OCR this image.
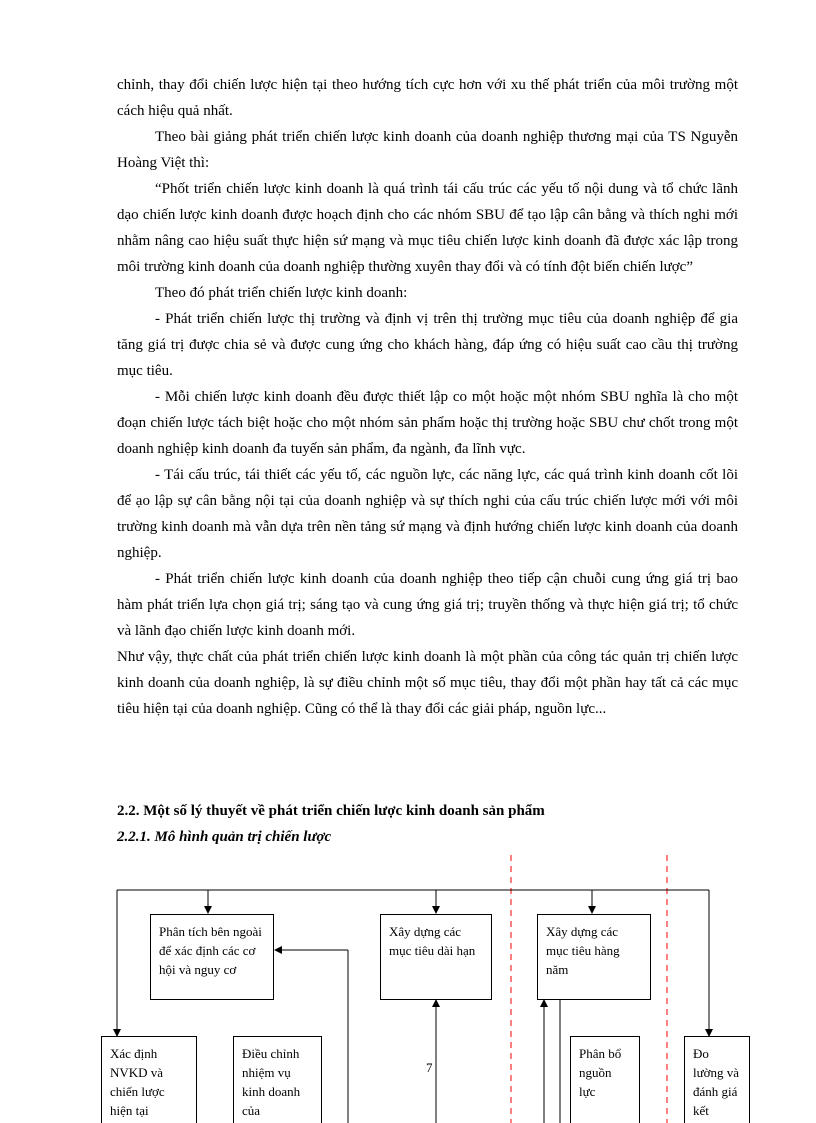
chỉnh, thay đổi chiến lược hiện tại theo hướng tích cực hơn với xu thế phát triển của môi trường một cách hiệu quả nhất.

Theo bài giảng phát triển chiến lược kinh doanh của doanh nghiệp thương mại của TS Nguyễn Hoàng Việt thì:

“Phốt triển chiến lược kinh doanh là quá trình tái cấu trúc các yếu tố nội dung và tổ chức lãnh dạo chiến lược kinh doanh được hoạch định cho các nhóm SBU để tạo lập cân bằng và thích nghi mới nhằm nâng cao hiệu suất thực hiện sứ mạng và mục tiêu chiến lược kinh doanh đã được xác lập trong môi trường kinh doanh của doanh nghiệp thường xuyên thay đổi và có tính đột biến chiến lược”

Theo đó phát triển chiến lược kinh doanh:

- Phát triển chiến lược thị trường và định vị trên thị trường mục tiêu của doanh nghiệp để gia tăng giá trị được chia sẻ và được cung ứng cho khách hàng, đáp ứng có hiệu suất cao cầu thị trường mục tiêu.

- Mỗi chiến lược kinh doanh đều được thiết lập co một hoặc một nhóm SBU nghĩa là cho một đoạn chiến lược tách biệt hoặc cho một nhóm sản phẩm hoặc thị trường hoặc SBU chư chốt trong một doanh nghiệp kinh doanh đa tuyến sản phẩm, đa ngành, đa lĩnh vực.

- Tái cấu trúc, tái thiết các yếu tố, các nguồn lực, các năng lực, các quá trình kinh doanh cốt lõi để ạo lập sự cân bằng nội tại của doanh nghiệp và sự thích nghi của cấu trúc chiến lược mới với môi trường kinh doanh mà vẫn dựa trên nền tảng sứ mạng và định hướng chiến lược kinh doanh của doanh nghiệp.

- Phát triển chiến lược kinh doanh của doanh nghiệp theo tiếp cận chuỗi cung ứng giá trị bao hàm phát triển lựa chọn giá trị; sáng tạo và cung ứng giá trị; truyền thống và thực hiện giá trị; tổ chức và lãnh đạo chiến lược kinh doanh mới.

Như vậy, thực chất của phát triển chiến lược kinh doanh là một phần của công tác quản trị chiến lược kinh doanh của doanh nghiệp, là sự điều chỉnh một số mục tiêu, thay đổi một phần hay tất cả các mục tiêu hiện tại của doanh nghiệp. Cũng có thể là thay đổi các giải pháp, nguồn lực...

2.2. Một số lý thuyết về phát triển chiến lược kinh doanh sản phẩm

2.2.1. Mô hình quản trị chiến lược

Phân tích bên ngoài để xác định các cơ hội và nguy cơ
Xây dựng các mục tiêu dài hạn
Xây dựng các mục tiêu hàng năm
Xác định NVKD và chiến lược hiện tại
Điều chỉnh nhiệm vụ kinh doanh của
Phân bổ nguồn lực
Đo lường và đánh giá kết
7
